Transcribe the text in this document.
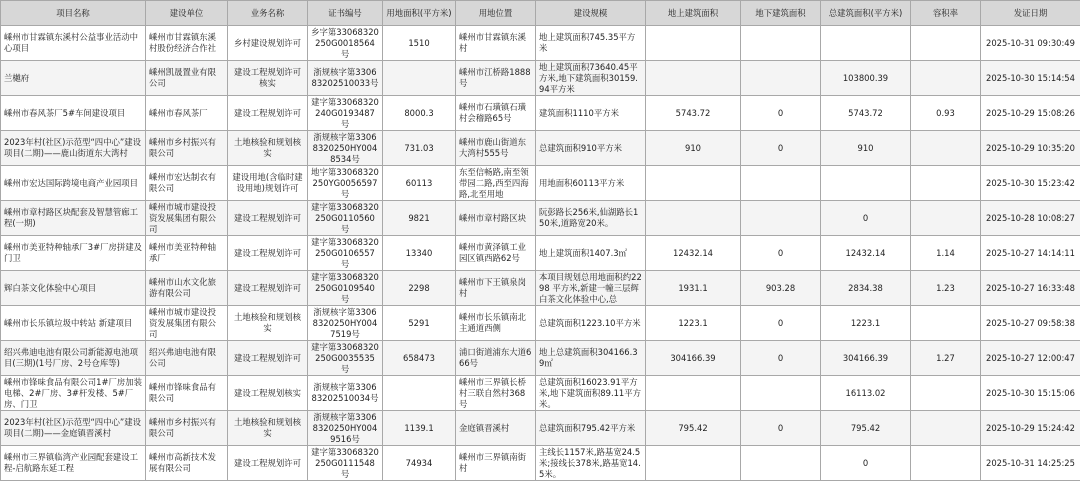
项目名称	建设单位	业务名称	证书编号	用地面积(平方米)	用地位置	建设规模	地上建筑面积	地下建筑面积	总建筑面积(平方米)	容积率	发证日期
嵊州市甘霖镇东溪村公益事业活动中心项目	嵊州市甘霖镇东溪村股份经济合作社	乡村建设规划许可	乡字第33068320250G0018564号	1510	嵊州市甘霖镇东溪村	地上建筑面积745.35平方米					2025-10-31 09:30:49
兰樾府	嵊州凯晟置业有限公司	建设工程规划许可核实	浙规核字第330683202510033号		嵊州市江桥路1888号	地上建筑面积73640.45平方米,地下建筑面积30159.94平方米			103800.39		2025-10-30 15:14:54
嵊州市春风茶厂5#车间建设项目	嵊州市春风茶厂	建设工程规划许可	建字第33068320240G0193487号	8000.3	嵊州市石璜镇石璜村会稽路65号	建筑面积1110平方米	5743.72	0	5743.72	0.93	2025-10-29 15:08:26
2023年村(社区)示范型“四中心”建设项目(二期)——鹿山街道东大湾村	嵊州市乡村振兴有限公司	土地核验和规划核实	浙规核字第33068320250HY0048534号	731.03	嵊州市鹿山街道东大湾村555号	总建筑面积910平方米	910	0	910		2025-10-29 10:35:20
嵊州市宏达国际跨境电商产业园项目	嵊州市宏达制衣有限公司	建设用地(含临时建设用地)规划许可	地字第33068320250YG0056597号	60113	东至信畅路,南至领带园二路,西至四海路,北至用地	用地面积60113平方米					2025-10-30 15:23:42
嵊州市章村路区块配套及智慧管廊工程(一期)	嵊州市城市建设投资发展集团有限公司	建设工程规划许可	建字第33068320250G0110560号	9821	嵊州市章村路区块	阮彭路长256米,仙湖路长150米,道路宽20米。			0		2025-10-28 10:08:27
嵊州市美亚特种轴承厂3#厂房拼建及门卫	嵊州市美亚特种轴承厂	建设工程规划许可	建字第33068320250G0106557号	13340	嵊州市黄泽镇工业园区镇西路62号	地上建筑面积1407.3㎡	12432.14	0	12432.14	1.14	2025-10-27 14:14:11
辉白茶文化体验中心项目	嵊州市山水文化旅游有限公司	建设工程规划许可	建字第33068320250G0109540号	2298	嵊州市下王镇泉岗村	本项目规划总用地面积约2298 平方米,新建一幢三层辉白茶文化体验中心,总	1931.1	903.28	2834.38	1.23	2025-10-27 16:33:48
嵊州市长乐镇垃圾中转站 新建项目	嵊州市城市建设投资发展集团有限公司	土地核验和规划核实	浙规核字第33068320250HY0047519号	5291	嵊州市长乐镇南北主通道西侧	总建筑面积1223.10平方米	1223.1	0	1223.1		2025-10-27 09:58:38
绍兴弗迪电池有限公司新能源电池项目(三期)(1号厂房、2号仓库等)	绍兴弗迪电池有限公司	建设工程规划许可	建字第33068320250G0035535号	658473	浦口街道浦东大道666号	地上总建筑面积304166.39㎡	304166.39	0	304166.39	1.27	2025-10-27 12:00:47
嵊州市锋味食品有限公司1#厂房加装电梯、2#厂房、3#杆发楼、5#厂房、门卫	嵊州市锋味食品有限公司	建设工程规划核实	浙规核字第330683202510034号		嵊州市三界镇长桥村三联自然村368号	总建筑面积16023.91平方米,地下建筑面积89.11平方米。			16113.02		2025-10-30 15:15:06
2023年村(社区)示范型“四中心”建设项目(二期)——金庭镇晋溪村	嵊州市乡村振兴有限公司	土地核验和规划核实	浙规核字第33068320250HY0049516号	1139.1	金庭镇晋溪村	总建筑面积795.42平方米	795.42	0	795.42		2025-10-29 15:24:42
嵊州市三界镇临湾产业园配套建设工程-启航路东延工程	嵊州市高新技术发展有限公司	建设工程规划许可	建字第33068320250G0111548号	74934	嵊州市三界镇南街村	主线长1157米,路基宽24.5米;接线长378米,路基宽14.5米。			0		2025-10-31 14:25:25
